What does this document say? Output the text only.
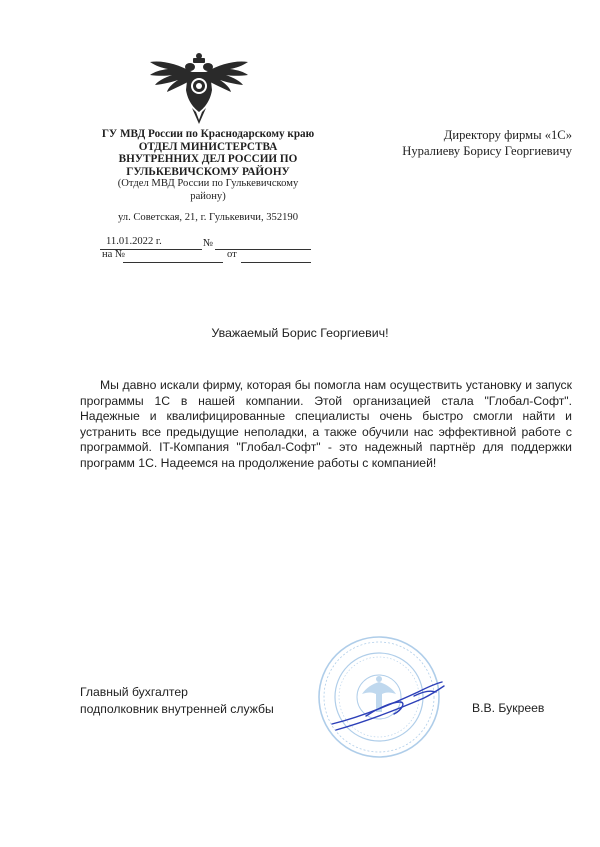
ГУ МВД России по Краснодарскому краю
ОТДЕЛ МИНИСТЕРСТВА
ВНУТРЕННИХ ДЕЛ РОССИИ ПО
ГУЛЬКЕВИЧСКОМУ РАЙОНУ
(Отдел МВД России по Гулькевичскому
району)
ул. Советская, 21, г. Гулькевичи, 352190
11.01.2022 г.	№
на №	от
Директору фирмы «1С»
Нуралиеву Борису Георгиевичу
Уважаемый Борис Георгиевич!

Мы давно искали фирму, которая бы помогла нам осуществить установку и запуск программы 1С в нашей компании. Этой организацией стала "Глобал-Софт". Надежные и квалифицированные специалисты очень быстро смогли найти и устранить все предыдущие неполадки, а также обучили нас эффективной работе с программой. IT-Компания "Глобал-Софт" - это надежный партнёр для поддержки программ 1С. Надеемся на продолжение работы с компанией!

Главный бухгалтер
подполковник внутренней службы	В.В. Букреев
